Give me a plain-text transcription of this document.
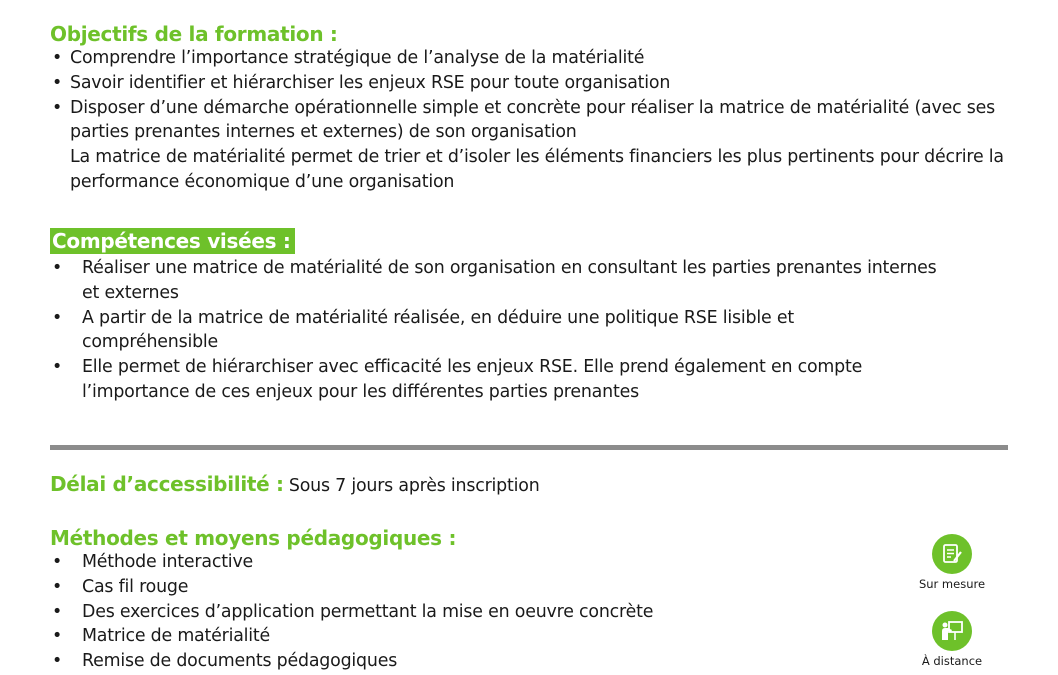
Objectifs de la formation :
• Comprendre l’importance stratégique de l’analyse de la matérialité
• Savoir identifier et hiérarchiser les enjeux RSE pour toute organisation
• Disposer d’une démarche opérationnelle simple et concrète pour réaliser la matrice de matérialité (avec ses parties prenantes internes et externes) de son organisation
La matrice de matérialité permet de trier et d’isoler les éléments financiers les plus pertinents pour décrire la performance économique d’une organisation
Compétences visées :
• Réaliser une matrice de matérialité de son organisation en consultant les parties prenantes internes et externes
• A partir de la matrice de matérialité réalisée, en déduire une politique RSE lisible et compréhensible
• Elle permet de hiérarchiser avec efficacité les enjeux RSE. Elle prend également en compte l’importance de ces enjeux pour les différentes parties prenantes
Délai d’accessibilité : Sous 7 jours après inscription
Méthodes et moyens pédagogiques :
• Méthode interactive
• Cas fil rouge
• Des exercices d’application permettant la mise en oeuvre concrète
• Matrice de matérialité
• Remise de documents pédagogiques
Sur mesure
À distance
